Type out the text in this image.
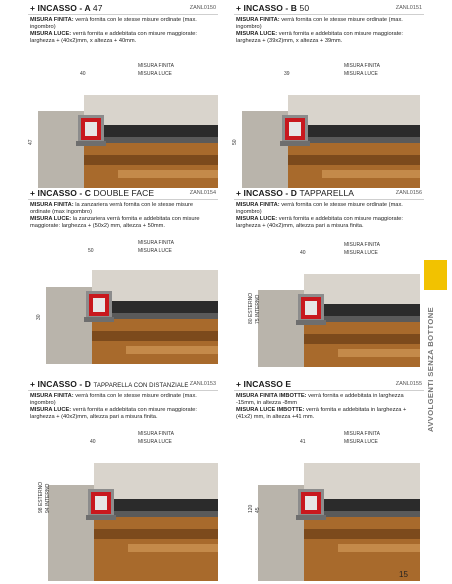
+ INCASSO - A 47	ZANL0150
MISURA FINITA: verrà fornita con le stesse misure ordinate (max. ingombro)
MISURA LUCE: verrà fornita e addebitata con misure maggiorate: larghezza + (40x2)mm, x altezza + 40mm.
MISURA FINITA
MISURA LUCE
40
47
+ INCASSO - B 50	ZANL0151
MISURA FINITA: verrà fornita con le stesse misure ordinate (max. ingombro)
MISURA LUCE: verrà fornita e addebitata con misure maggiorate: larghezza + (39x2)mm, x altezza + 39mm.
MISURA FINITA
MISURA LUCE
39
50
+ INCASSO - C DOUBLE FACE	ZANL0154
MISURA FINITA: la zanzariera verrà fornita con le stesse misure ordinate (max ingombro)
MISURA LUCE: la zanzariera verrà fornita e addebitata con misure maggiorate: larghezza + (50x2) mm, altezza + 50mm.
MISURA FINITA
MISURA LUCE
50
30
+ INCASSO - D TAPPARELLA	ZANL0156
MISURA FINITA: verrà fornita con le stesse misure ordinate (max. ingombro)
MISURA LUCE: verrà fornita e addebitata con misure maggiorate: larghezza + (40x2)mm, altezza pari a misura finita.
MISURA FINITA
MISURA LUCE
40
80 ESTERNO 75 INTERNO
+ INCASSO - D TAPPARELLA CON DISTANZIALE ZANL0153
MISURA FINITA: verrà fornita con le stesse misure ordinate (max. ingombro)
MISURA LUCE: verrà fornita e addebitata con misure maggiorate: larghezza + (40x2)mm, altezza pari a misura finita.
MISURA FINITA
MISURA LUCE
40
98 ESTERNO 94 INTERNO
+ INCASSO E	ZANL0155
MISURA FINITA IMBOTTE: verrà fornita e addebitata in larghezza -15mm, in altezza -8mm
MISURA LUCE IMBOTTE: verrà fornita e addebitata in larghezza +(41x2) mm, in altezza +41 mm.
MISURA FINITA
MISURA LUCE
41
120 45
AVVOLGENTI SENZA BOTTONE
15
